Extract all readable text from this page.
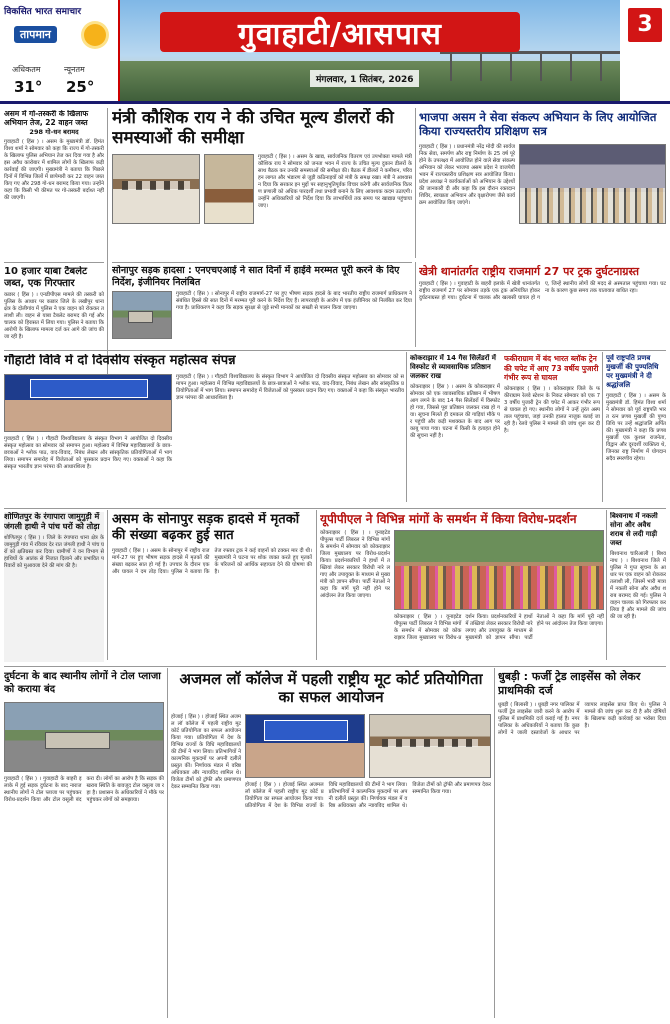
विकसित भारत समाचार
तापमान
अधिकतम	न्यूनतम
31° 25°
गुवाहाटी/आसपास
मंगलवार, 1 सितंबर, 2026
3
असम में गो-तस्करी के खिलाफ अभियान तेज, 22 वाहन जब्त
298 गो-धन बरामद
गुवाहाटी ( हिंस ) । असम के मुख्यमंत्री डॉ. हिमंत विश्व शर्मा ने सोमवार को कहा कि राज्य में गो-तस्करी के खिलाफ पुलिस अभियान तेज कर दिया गया है और इस अवैध कारोबार में शामिल लोगों के खिलाफ कड़ी कार्रवाई की जाएगी। मुख्यमंत्री ने बताया कि पिछले दिनों में विभिन्न जिलों में छापेमारी कर 22 वाहन जब्त किए गए और 298 गो-धन बरामद किया गया। उन्होंने कहा कि किसी भी कीमत पर गो-तस्करी बर्दाश्त नहीं की जाएगी।
10 हजार याबा टैबलेट जब्त, एक गिरफ्तार
कछार ( हिंस ) । एनडीपीएस मामले की तस्करी को पुलिस के आधार पर कछार जिले के लखीपुर थाना क्षेत्र के दोलीगांव में पुलिस ने एक वाहन को रोककर तलाशी ली। वाहन से याबा टैबलेट बरामद की गई और चालक को हिरासत में लिया गया। पुलिस ने बताया कि आरोपी के खिलाफ मामला दर्ज कर आगे की जांच की जा रही है।
मंत्री कौशिक राय ने की उचित मूल्य डीलरों की समस्याओं की समीक्षा
गुवाहाटी ( हिंस ) । असम के खाद्य, सार्वजनिक वितरण एवं उपभोक्ता मामले मंत्री कौशिक राय ने सोमवार को जनता भवन में राज्य के उचित मूल्य दुकान डीलरों के साथ बैठक कर उनकी समस्याओं की समीक्षा की। बैठक में डीलरों ने कमीशन, परिवहन लागत और भंडारण से जुड़ी कठिनाइयों को मंत्री के समक्ष रखा। मंत्री ने आश्वासन दिया कि सरकार इन मुद्दों पर सहानुभूतिपूर्वक विचार करेगी और सार्वजनिक वितरण प्रणाली को अधिक पारदर्शी तथा प्रभावी बनाने के लिए आवश्यक कदम उठाएगी। उन्होंने अधिकारियों को निर्देश दिया कि लाभार्थियों तक समय पर खाद्यान्न पहुंचाया जाए।
भाजपा असम ने सेवा संकल्प अभियान के लिए आयोजित किया राज्यस्तरीय प्रशिक्षण सत्र
गुवाहाटी ( हिंस ) । प्रधानमंत्री नरेंद्र मोदी की सार्वजनिक सेवा, समर्पण और राष्ट्र निर्माण के 25 वर्ष पूरे होने के उपलक्ष्य में आयोजित होने वाले सेवा संकल्प अभियान को लेकर भाजपा असम प्रदेश ने वाजपेयी भवन में राज्यस्तरीय प्रशिक्षण सत्र आयोजित किया। प्रदेश अध्यक्ष ने कार्यकर्ताओं को अभियान के उद्देश्यों की जानकारी दी और कहा कि इस दौरान रक्तदान शिविर, स्वच्छता अभियान और वृक्षारोपण जैसे कार्यक्रम आयोजित किए जाएंगे।
सोनापुर सड़क हादसा : एनएचएआई ने सात दिनों में हाईवे मरम्मत पूरी करने के दिए निर्देश, इंजीनियर निलंबित
गुवाहाटी ( हिंस ) । सोनापुर में राष्ट्रीय राजमार्ग-27 पर हुए भीषण सड़क हादसे के बाद भारतीय राष्ट्रीय राजमार्ग प्राधिकरण ने संबंधित हिस्से की सात दिनों में मरम्मत पूरी करने के निर्देश दिए हैं। लापरवाही के आरोप में एक इंजीनियर को निलंबित कर दिया गया है। प्राधिकरण ने कहा कि सड़क सुरक्षा से जुड़े सभी मानकों का सख्ती से पालन किया जाएगा।
खेत्री थानांतर्गत राष्ट्रीय राजमार्ग 27 पर ट्रक दुर्घटनाग्रस्त
गुवाहाटी ( हिंस ) । गुवाहाटी के बाहरी इलाके में खेत्री थानांतर्गत राष्ट्रीय राजमार्ग 27 पर सोमवार तड़के एक ट्रक अनियंत्रित होकर दुर्घटनाग्रस्त हो गया। दुर्घटना में चालक और खलासी घायल हो गए, जिन्हें स्थानीय लोगों की मदद से अस्पताल पहुंचाया गया। घटना के कारण कुछ समय तक यातायात बाधित रहा।
गौहाटी विवि में दो दिवसीय संस्कृत महोत्सव संपन्न
गुवाहाटी ( हिंस ) । गौहाटी विश्वविद्यालय के संस्कृत विभाग ने आयोजित दो दिवसीय संस्कृत महोत्सव का सोमवार को समापन हुआ। महोत्सव में विभिन्न महाविद्यालयों के छात्र-छात्राओं ने श्लोक पाठ, वाद-विवाद, निबंध लेखन और सांस्कृतिक प्रतियोगिताओं में भाग लिया। समापन समारोह में विजेताओं को पुरस्कार प्रदान किए गए। वक्ताओं ने कहा कि संस्कृत भारतीय ज्ञान परंपरा की आधारशिला है।
गुवाहाटी ( हिंस ) । गौहाटी विश्वविद्यालय के संस्कृत विभाग ने आयोजित दो दिवसीय संस्कृत महोत्सव का सोमवार को समापन हुआ। महोत्सव में विभिन्न महाविद्यालयों के छात्र-छात्राओं ने श्लोक पाठ, वाद-विवाद, निबंध लेखन और सांस्कृतिक प्रतियोगिताओं में भाग लिया। समापन समारोह में विजेताओं को पुरस्कार प्रदान किए गए। वक्ताओं ने कहा कि संस्कृत भारतीय ज्ञान परंपरा की आधारशिला है।
कोकराझार में 14 गैस सिलेंडरों में विस्फोट से व्यावसायिक प्रतिष्ठान जलकर राख
कोकराझार ( हिंस ) । असम के कोकराझार में सोमवार को एक व्यावसायिक प्रतिष्ठान में भीषण आग लगने के बाद 14 गैस सिलेंडरों में विस्फोट हो गया, जिससे पूरा प्रतिष्ठान जलकर राख हो गया। सूचना मिलते ही दमकल की गाड़ियां मौके पर पहुंचीं और कड़ी मशक्कत के बाद आग पर काबू पाया गया। घटना में किसी के हताहत होने की सूचना नहीं है।
फकीराग्राम में बंद भारत ब्लॉक ट्रेन की चपेट में आए 73 वर्षीय पुजारी गंभीर रूप से घायल
कोकराझार ( हिंस ) । कोकराझार जिले के फकीराग्राम रेलवे स्टेशन के निकट सोमवार को एक 73 वर्षीय पुजारी ट्रेन की चपेट में आकर गंभीर रूप से घायल हो गए। स्थानीय लोगों ने उन्हें तुरंत अस्पताल पहुंचाया, जहां उनकी हालत नाजुक बताई जा रही है। रेलवे पुलिस ने मामले की जांच शुरू कर दी है।
पूर्व राष्ट्रपति प्रणब मुखर्जी की पुण्यतिथि पर मुख्यमंत्री ने दी श्रद्धांजलि
गुवाहाटी ( हिंस ) । असम के मुख्यमंत्री डॉ. हिमंत विश्व शर्मा ने सोमवार को पूर्व राष्ट्रपति भारत रत्न प्रणब मुखर्जी की पुण्यतिथि पर उन्हें श्रद्धांजलि अर्पित की। मुख्यमंत्री ने कहा कि प्रणब मुखर्जी एक कुशल राजनेता, विद्वान और दूरदर्शी व्यक्तित्व थे, जिनका राष्ट्र निर्माण में योगदान सदैव स्मरणीय रहेगा।
शोणितपुर के रंगापारा जामुगुड़ी में जंगली हाथी ने पांच घरों को तोड़ा
शोणितपुर ( हिंस ) । जिले के रंगापारा थाना क्षेत्र के जामुगुड़ी गांव में रविवार देर रात जंगली हाथी ने पांच घरों को क्षतिग्रस्त कर दिया। ग्रामीणों ने वन विभाग से हाथियों के आतंक से निजात दिलाने और प्रभावित परिवारों को मुआवजा देने की मांग की है।
असम के सोनापुर सड़क हादसे में मृतकों की संख्या बढ़कर हुई सात
गुवाहाटी ( हिंस ) । असम के सोनापुर में राष्ट्रीय राजमार्ग-27 पर हुए भीषण सड़क हादसे में मृतकों की संख्या बढ़कर सात हो गई है। उपचार के दौरान एक और घायल ने दम तोड़ दिया। पुलिस ने बताया कि तेज रफ्तार ट्रक ने कई वाहनों को टक्कर मार दी थी। मुख्यमंत्री ने घटना पर शोक व्यक्त करते हुए मृतकों के परिजनों को आर्थिक सहायता देने की घोषणा की है।
यूपीपीएल ने विभिन्न मांगों के समर्थन में किया विरोध-प्रदर्शन
कोकराझार ( हिंस ) । यूनाइटेड पीपुल्स पार्टी लिबरल ने विभिन्न मांगों के समर्थन में सोमवार को कोकराझार जिला मुख्यालय पर विरोध-प्रदर्शन किया। प्रदर्शनकारियों ने हाथों में तख्तियां लेकर सरकार विरोधी नारे लगाए और उपायुक्त के माध्यम से मुख्यमंत्री को ज्ञापन सौंपा। पार्टी नेताओं ने कहा कि मांगें पूरी नहीं होने पर आंदोलन तेज किया जाएगा।
कोकराझार ( हिंस ) । यूनाइटेड पीपुल्स पार्टी लिबरल ने विभिन्न मांगों के समर्थन में सोमवार को कोकराझार जिला मुख्यालय पर विरोध-प्रदर्शन किया। प्रदर्शनकारियों ने हाथों में तख्तियां लेकर सरकार विरोधी नारे लगाए और उपायुक्त के माध्यम से मुख्यमंत्री को ज्ञापन सौंपा। पार्टी नेताओं ने कहा कि मांगें पूरी नहीं होने पर आंदोलन तेज किया जाएगा।
बिश्वनाथ में नकली सोना और अवैध शराब से लदी गाड़ी जब्त
बिश्वनाथ चारिआली ( बिश्वनाथ ) । बिश्वनाथ जिले में पुलिस ने गुप्त सूचना के आधार पर एक वाहन को रोककर तलाशी ली, जिसमें भारी मात्रा में नकली सोना और अवैध शराब बरामद की गई। पुलिस ने वाहन चालक को गिरफ्तार कर लिया है और मामले की जांच की जा रही है।
दुर्घटना के बाद स्थानीय लोगों ने टोल प्लाजा को कराया बंद
गुवाहाटी ( हिंस ) । गुवाहाटी के बाहरी इलाके में हुई सड़क दुर्घटना के बाद नाराज स्थानीय लोगों ने टोल प्लाजा पर पहुंचकर विरोध-प्रदर्शन किया और टोल वसूली बंद करा दी। लोगों का आरोप है कि सड़क की खराब स्थिति के बावजूद टोल वसूला जा रहा है। प्रशासन के अधिकारियों ने मौके पर पहुंचकर लोगों को समझाया।
अजमल लॉ कॉलेज में पहली राष्ट्रीय मूट कोर्ट प्रतियोगिता का सफल आयोजन
होजाई ( हिंस ) । होजाई स्थित अजमल लॉ कॉलेज में पहली राष्ट्रीय मूट कोर्ट प्रतियोगिता का सफल आयोजन किया गया। प्रतियोगिता में देश के विभिन्न राज्यों के विधि महाविद्यालयों की टीमों ने भाग लिया। प्रतिभागियों ने काल्पनिक मुकदमों पर अपनी दलीलें प्रस्तुत कीं। निर्णायक मंडल में वरिष्ठ अधिवक्ता और न्यायविद शामिल थे। विजेता टीमों को ट्रॉफी और प्रमाणपत्र देकर सम्मानित किया गया।	होजाई ( हिंस ) । होजाई स्थित अजमल लॉ कॉलेज में पहली राष्ट्रीय मूट कोर्ट प्रतियोगिता का सफल आयोजन किया गया। प्रतियोगिता में देश के विभिन्न राज्यों के विधि महाविद्यालयों की टीमों ने भाग लिया। प्रतिभागियों ने काल्पनिक मुकदमों पर अपनी दलीलें प्रस्तुत कीं। निर्णायक मंडल में वरिष्ठ अधिवक्ता और न्यायविद शामिल थे। विजेता टीमों को ट्रॉफी और प्रमाणपत्र देकर सम्मानित किया गया।
धुबड़ी : फर्जी ट्रेड लाइसेंस को लेकर प्राथमिकी दर्ज
धुबड़ी ( बिलासी ) । धुबड़ी नगर पालिका में फर्जी ट्रेड लाइसेंस जारी करने के आरोप में पुलिस में प्राथमिकी दर्ज कराई गई है। नगर पालिका के अधिकारियों ने बताया कि कुछ लोगों ने जाली दस्तावेजों के आधार पर व्यापार लाइसेंस प्राप्त किए थे। पुलिस ने मामले की जांच शुरू कर दी है और दोषियों के खिलाफ कड़ी कार्रवाई का भरोसा दिया है।
